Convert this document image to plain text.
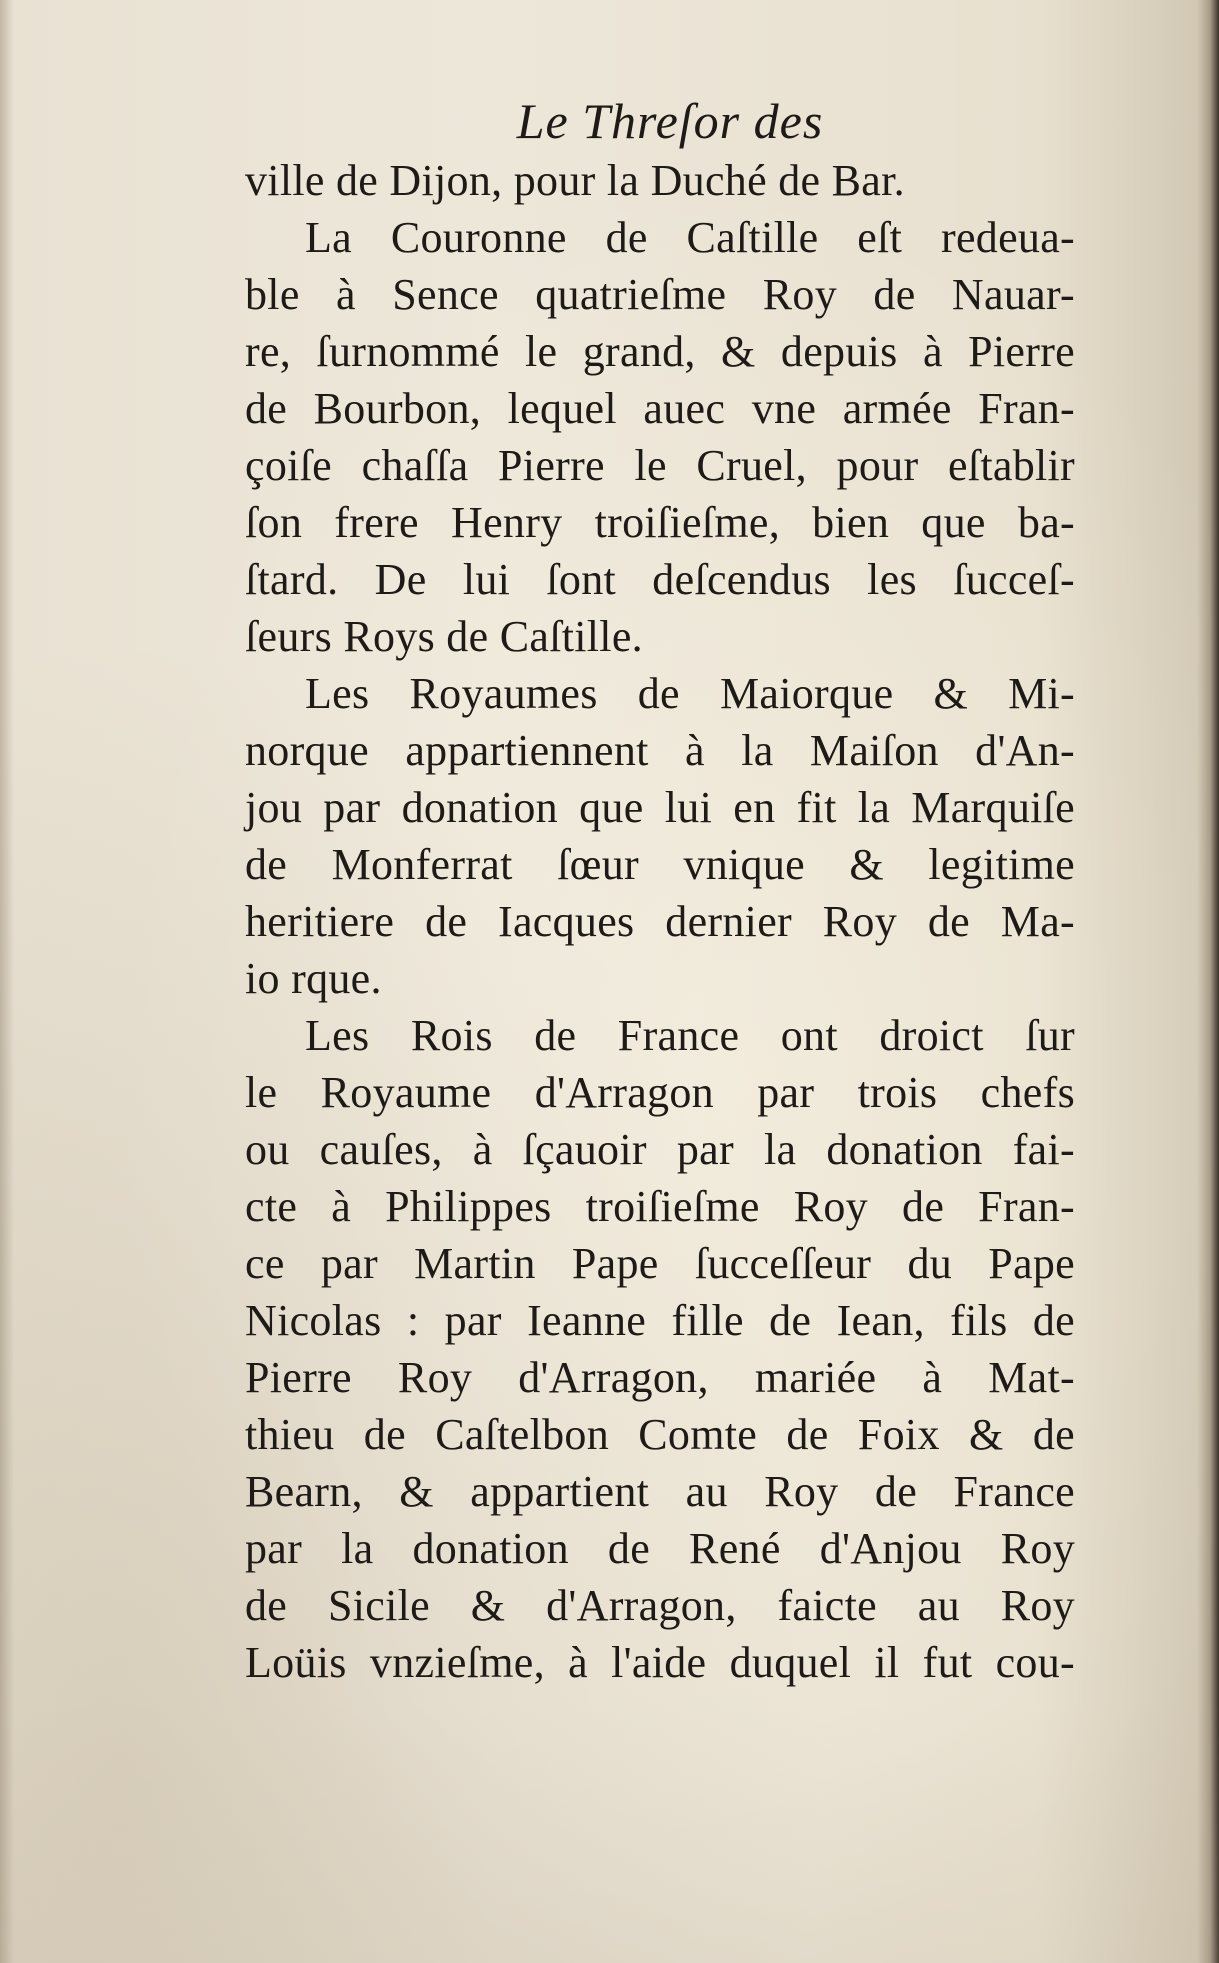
Le Threſor des
ville de Dijon, pour la Duché de Bar.
La Couronne de Caſtille eſt redeua-
ble à Sence quatrieſme Roy de Nauar-
re, ſurnommé le grand, & depuis à Pierre
de Bourbon, lequel auec vne armée Fran-
çoiſe chaſſa Pierre le Cruel, pour eſtablir
ſon frere Henry troiſieſme, bien que ba-
ſtard. De lui ſont deſcendus les ſucceſ-
ſeurs Roys de Caſtille.
Les Royaumes de Maiorque & Mi-
norque appartiennent à la Maiſon d'An-
jou par donation que lui en fit la Marquiſe
de Monferrat ſœur vnique & legitime
heritiere de Iacques dernier Roy de Ma-
io rque.
Les Rois de France ont droict ſur
le Royaume d'Arragon par trois chefs
ou cauſes, à ſçauoir par la donation fai-
cte à Philippes troiſieſme Roy de Fran-
ce par Martin Pape ſucceſſeur du Pape
Nicolas : par Ieanne fille de Iean, fils de
Pierre Roy d'Arragon, mariée à Mat-
thieu de Caſtelbon Comte de Foix & de
Bearn, & appartient au Roy de France
par la donation de René d'Anjou Roy
de Sicile & d'Arragon, faicte au Roy
Loüis vnzieſme, à l'aide duquel il fut cou-
